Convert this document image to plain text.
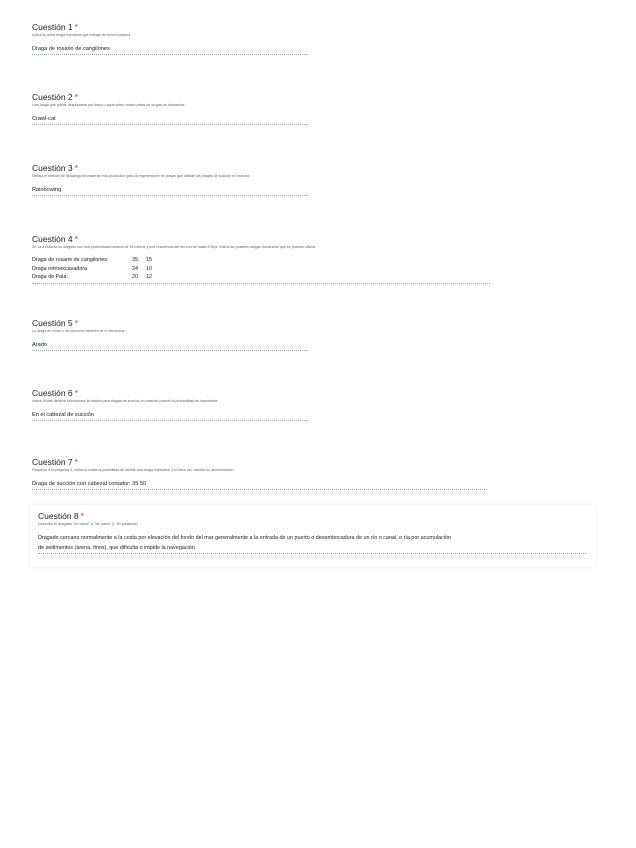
Cuestión 1 *
Indica la única draga mecánica que trabaja de forma continua
Draga de rosario de cangilones
Cuestión 2 *
Una draga que puede desplazarse por tierra o agua sobre cuatro patas de orugas se denomina:
Crawl-cat
Cuestión 3 *
Señala el método de descarga del material más productivo para la regeneración de playas que utilizan las dragas de succión en marcha:
Rainbowing
Cuestión 4 *
Se va a realizar un dragado con una profundidad máxima de 18 metros y una resistencia del terreno de hasta 8 Mpa. Indica las posibles dragas mecánicas que se podrían utilizar:
Draga de rosario de cangilones:	35	15
Draga retroexcavadora	24	10
Draga de Pala:	20	12
Cuestión 5 *
La draga de fondo o de remoción también se le denomina:
Arado
Cuestión 6 *
Indica dónde debería encontrarse la bomba para dragas de succión en marcha cuando la profundidad es importante:
En el cabezal de succión
Cuestión 7 *
Respecto a la pregunta 4, indica si existe la posibilidad de utilizar una draga hidráulica, y si fuera así, escribe su denominación:
Draga de succión con cabezal cortador: 35 50
Cuestión 8 *
Describe el dragado "en barra" o "de barra" (< 50 palabras)
Dragado cercano normalmente a la costa por elevación del fondo del mar generalmente a la entrada de un puerto o desembocadura de un río o canal, o ría por acumulación
de sedimentos (arena, finos), que dificulta o impide la navegación
